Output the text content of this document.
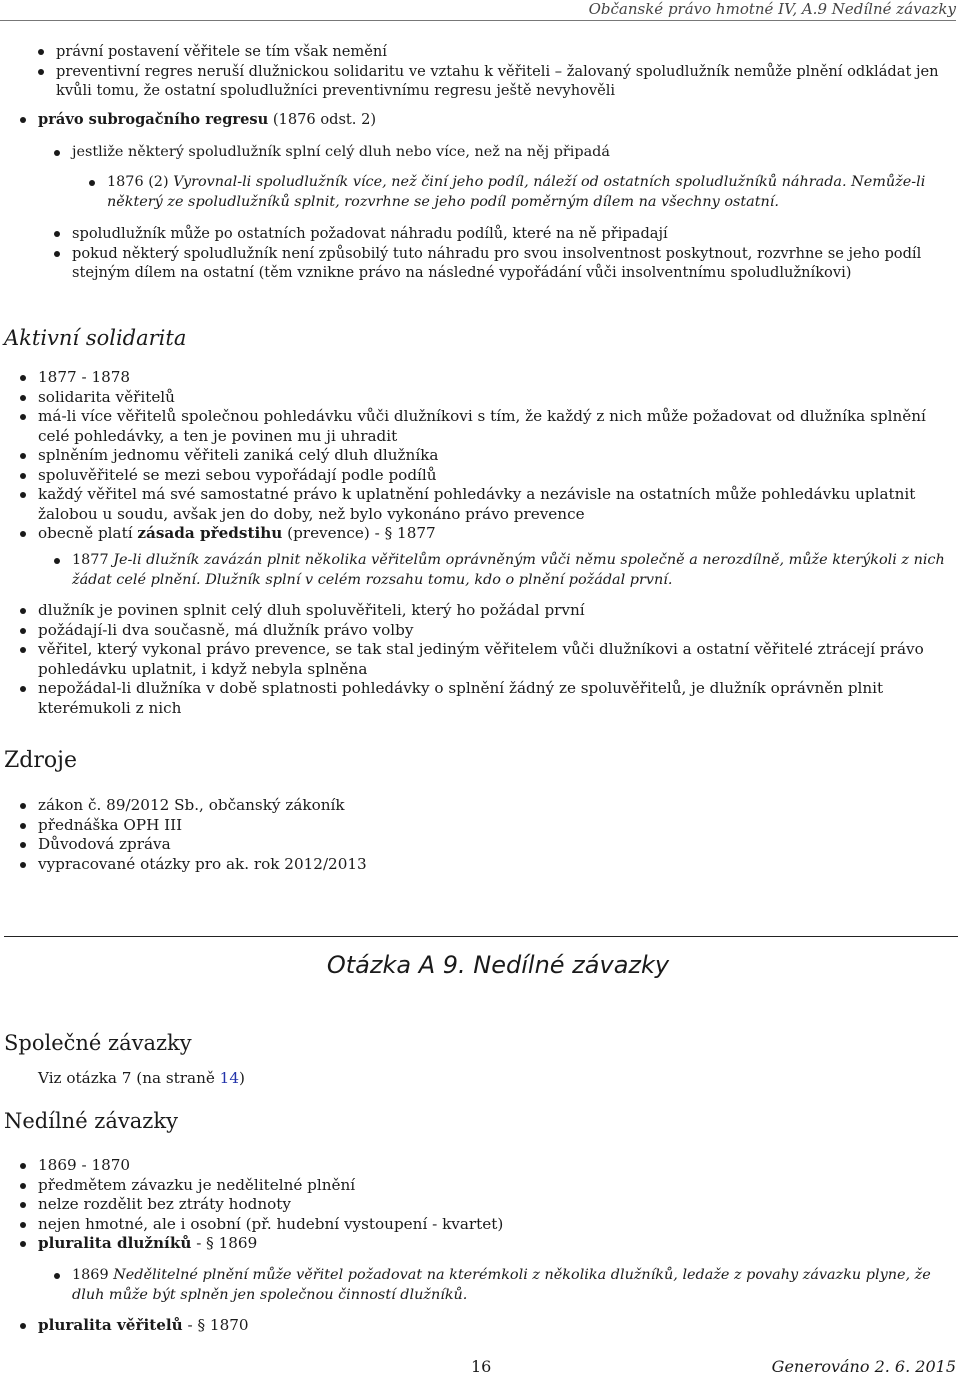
Občanské právo hmotné IV, A.9 Nedílné závazky
právní postavení věřitele se tím však nemění
preventivní regres neruší dlužnickou solidaritu ve vztahu k věřiteli – žalovaný spoludlužník nemůže plnění odkládat jen kvůli tomu, že ostatní spoludlužníci preventivnímu regresu ještě nevyhověli
právo subrogačního regresu (1876 odst. 2)
jestliže některý spoludlužník splní celý dluh nebo více, než na něj připadá
1876 (2) Vyrovnal-li spoludlužník více, než činí jeho podíl, náleží od ostatních spoludlužníků náhrada. Nemůže-li některý ze spoludlužníků splnit, rozvrhne se jeho podíl poměrným dílem na všechny ostatní.
spoludlužník může po ostatních požadovat náhradu podílů, které na ně připadají
pokud některý spoludlužník není způsobilý tuto náhradu pro svou insolventnost poskytnout, rozvrhne se jeho podíl stejným dílem na ostatní (těm vznikne právo na následné vypořádání vůči insolventnímu spoludlužníkovi)
Aktivní solidarita
1877 - 1878
solidarita věřitelů
má-li více věřitelů společnou pohledávku vůči dlužníkovi s tím, že každý z nich může požadovat od dlužníka splnění celé pohledávky, a ten je povinen mu ji uhradit
splněním jednomu věřiteli zaniká celý dluh dlužníka
spoluvěřitelé se mezi sebou vypořádají podle podílů
každý věřitel má své samostatné právo k uplatnění pohledávky a nezávisle na ostatních může pohledávku uplatnit žalobou u soudu, avšak jen do doby, než bylo vykonáno právo prevence
obecně platí zásada předstihu (prevence) - § 1877
1877 Je-li dlužník zavázán plnit několika věřitelům oprávněným vůči němu společně a nerozdílně, může kterýkoli z nich žádat celé plnění. Dlužník splní v celém rozsahu tomu, kdo o plnění požádal první.
dlužník je povinen splnit celý dluh spoluvěřiteli, který ho požádal první
požádají-li dva současně, má dlužník právo volby
věřitel, který vykonal právo prevence, se tak stal jediným věřitelem vůči dlužníkovi a ostatní věřitelé ztrácejí právo pohledávku uplatnit, i když nebyla splněna
nepožádal-li dlužníka v době splatnosti pohledávky o splnění žádný ze spoluvěřitelů, je dlužník oprávněn plnit kterémukoli z nich
Zdroje
zákon č. 89/2012 Sb., občanský zákoník
přednáška OPH III
Důvodová zpráva
vypracované otázky pro ak. rok 2012/2013
Otázka A 9. Nedílné závazky
Společné závazky
Viz otázka 7 (na straně 14)
Nedílné závazky
1869 - 1870
předmětem závazku je nedělitelné plnění
nelze rozdělit bez ztráty hodnoty
nejen hmotné, ale i osobní (př. hudební vystoupení - kvartet)
pluralita dlužníků - § 1869
1869 Nedělitelné plnění může věřitel požadovat na kterémkoli z několika dlužníků, ledaže z povahy závazku plyne, že dluh může být splněn jen společnou činností dlužníků.
pluralita věřitelů - § 1870
16	Generováno 2. 6. 2015
